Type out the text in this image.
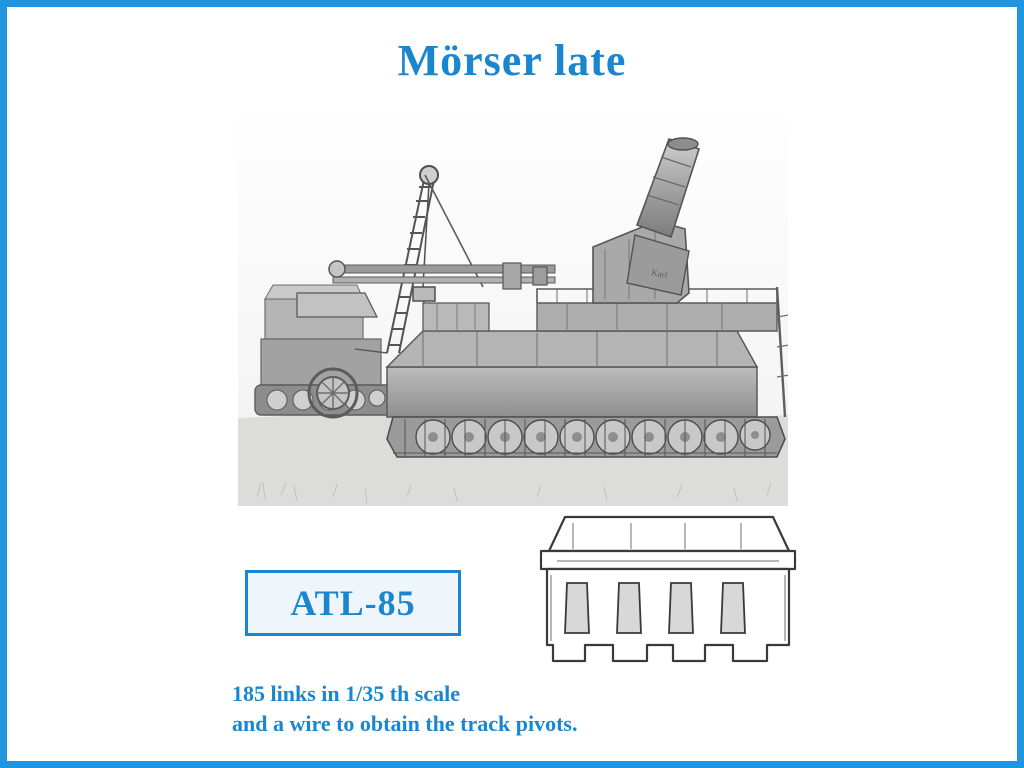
Mörser late
Karl
ATL-85
185 links in 1/35 th scale
and a wire to obtain the track pivots.
